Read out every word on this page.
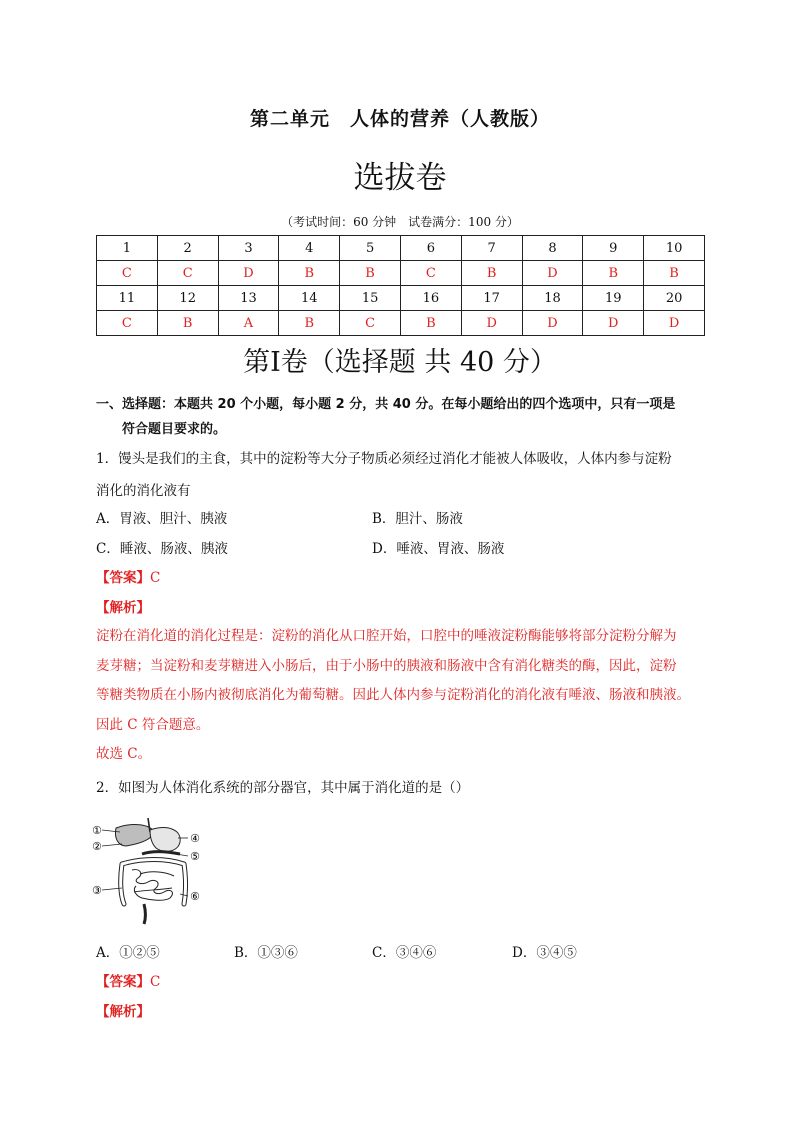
第二单元　人体的营养（人教版）
选拔卷
（考试时间：60 分钟　试卷满分：100 分）
1	2	3	4	5	6	7	8	9	10
C	C	D	B	B	C	B	D	B	B
11	12	13	14	15	16	17	18	19	20
C	B	A	B	C	B	D	D	D	D
第Ⅰ卷（选择题 共 40 分）
一、选择题：本题共 20 个小题，每小题 2 分，共 40 分。在每小题给出的四个选项中，只有一项是
符合题目要求的。
1．馒头是我们的主食，其中的淀粉等大分子物质必须经过消化才能被人体吸收，人体内参与淀粉
消化的消化液有
A．胃液、胆汁、胰液	B．胆汁、肠液
C．睡液、肠液、胰液	D．唾液、胃液、肠液
【答案】C
【解析】

淀粉在消化道的消化过程是：淀粉的消化从口腔开始，口腔中的唾液淀粉酶能够将部分淀粉分解为

麦芽糖；当淀粉和麦芽糖进入小肠后，由于小肠中的胰液和肠液中含有消化糖类的酶，因此，淀粉

等糖类物质在小肠内被彻底消化为葡萄糖。因此人体内参与淀粉消化的消化液有唾液、肠液和胰液。

因此 C 符合题意。

故选 C。

2．如图为人体消化系统的部分器官，其中属于消化道的是（）
①
②
③
④
⑤
⑥
A．①②⑤	B．①③⑥	C．③④⑥	D．③④⑤
【答案】C
【解析】
